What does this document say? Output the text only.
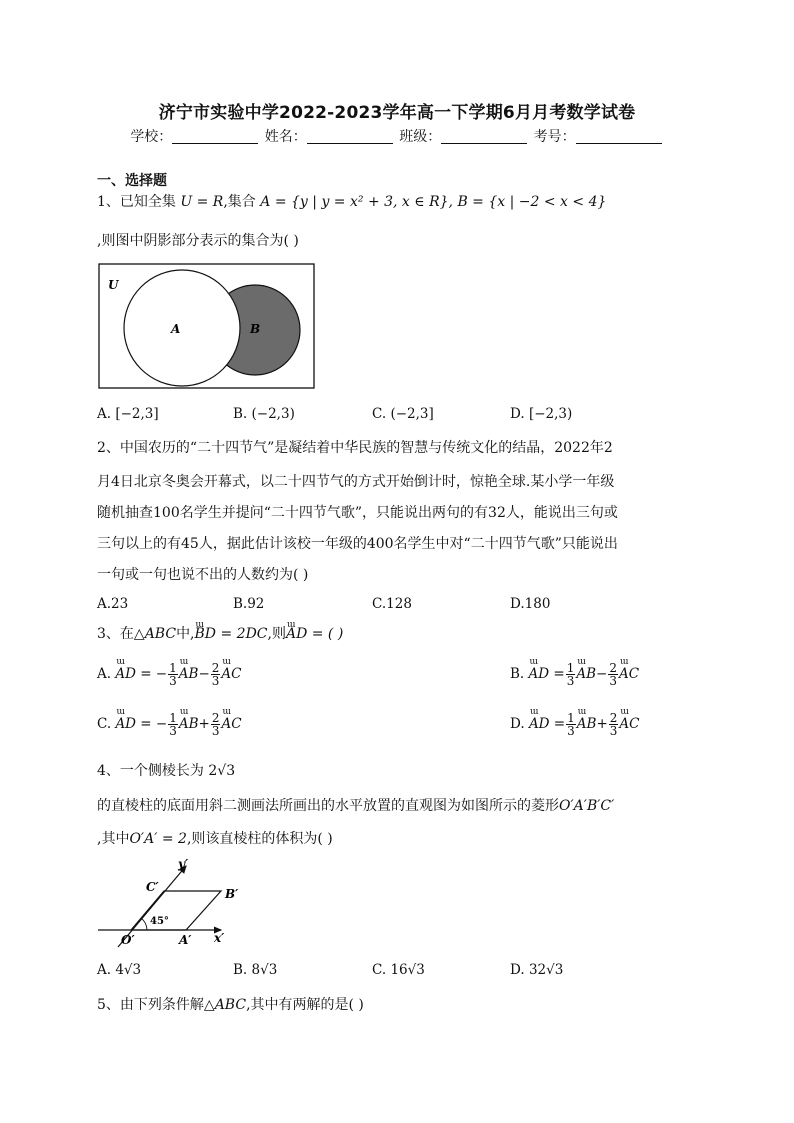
济宁市实验中学2022-2023学年高一下学期6月月考数学试卷
学校：	姓名：	班级：	考号：
一、选择题
1、已知全集 U = R,集合 A = {y | y = x² + 3, x ∈ R}, B = {x | −2 < x < 4}
,则图中阴影部分表示的集合为( )
U
A	B
A. [−2,3]	B. (−2,3)	C. (−2,3]	D. [−2,3)
2、中国农历的“二十四节气”是凝结着中华民族的智慧与传统文化的结晶，2022年2
月4日北京冬奥会开幕式，以二十四节气的方式开始倒计时，惊艳全球.某小学一年级
随机抽查100名学生并提问“二十四节气歌”，只能说出两句的有32人，能说出三句或
三句以上的有45人，据此估计该校一年级的400名学生中对“二十四节气歌”只能说出
一句或一句也说不出的人数约为( )
A.23	B.92	C.128	D.180
3、在△ABC中,ɯ BD = 2DC,则ɯ AD = ( )
A. ɯ AD = − $\frac{1}{3}$ ɯ $AB- \frac{2}{3}$ ɯ AC	B. ɯ AD = $\frac{1}{3}$ ɯ $AB- \frac{2}{3}$ ɯ AC
C. ɯ AD = − $\frac{1}{3}$ ɯ $AB+ \frac{2}{3}$ ɯ AC	D. ɯ AD = $\frac{1}{3}$ ɯ $AB+ \frac{2}{3}$ ɯ AC
4、一个侧棱长为 2√3
的直棱柱的底面用斜二测画法所画出的水平放置的直观图为如图所示的菱形O′A′B′C′
,其中O′A′ = 2,则该直棱柱的体积为( )
y′
x′
O′	A′
B′
C′
45°
A. 4√3	B. 8√3	C. 16√3	D. 32√3
5、由下列条件解△ABC,其中有两解的是( )
